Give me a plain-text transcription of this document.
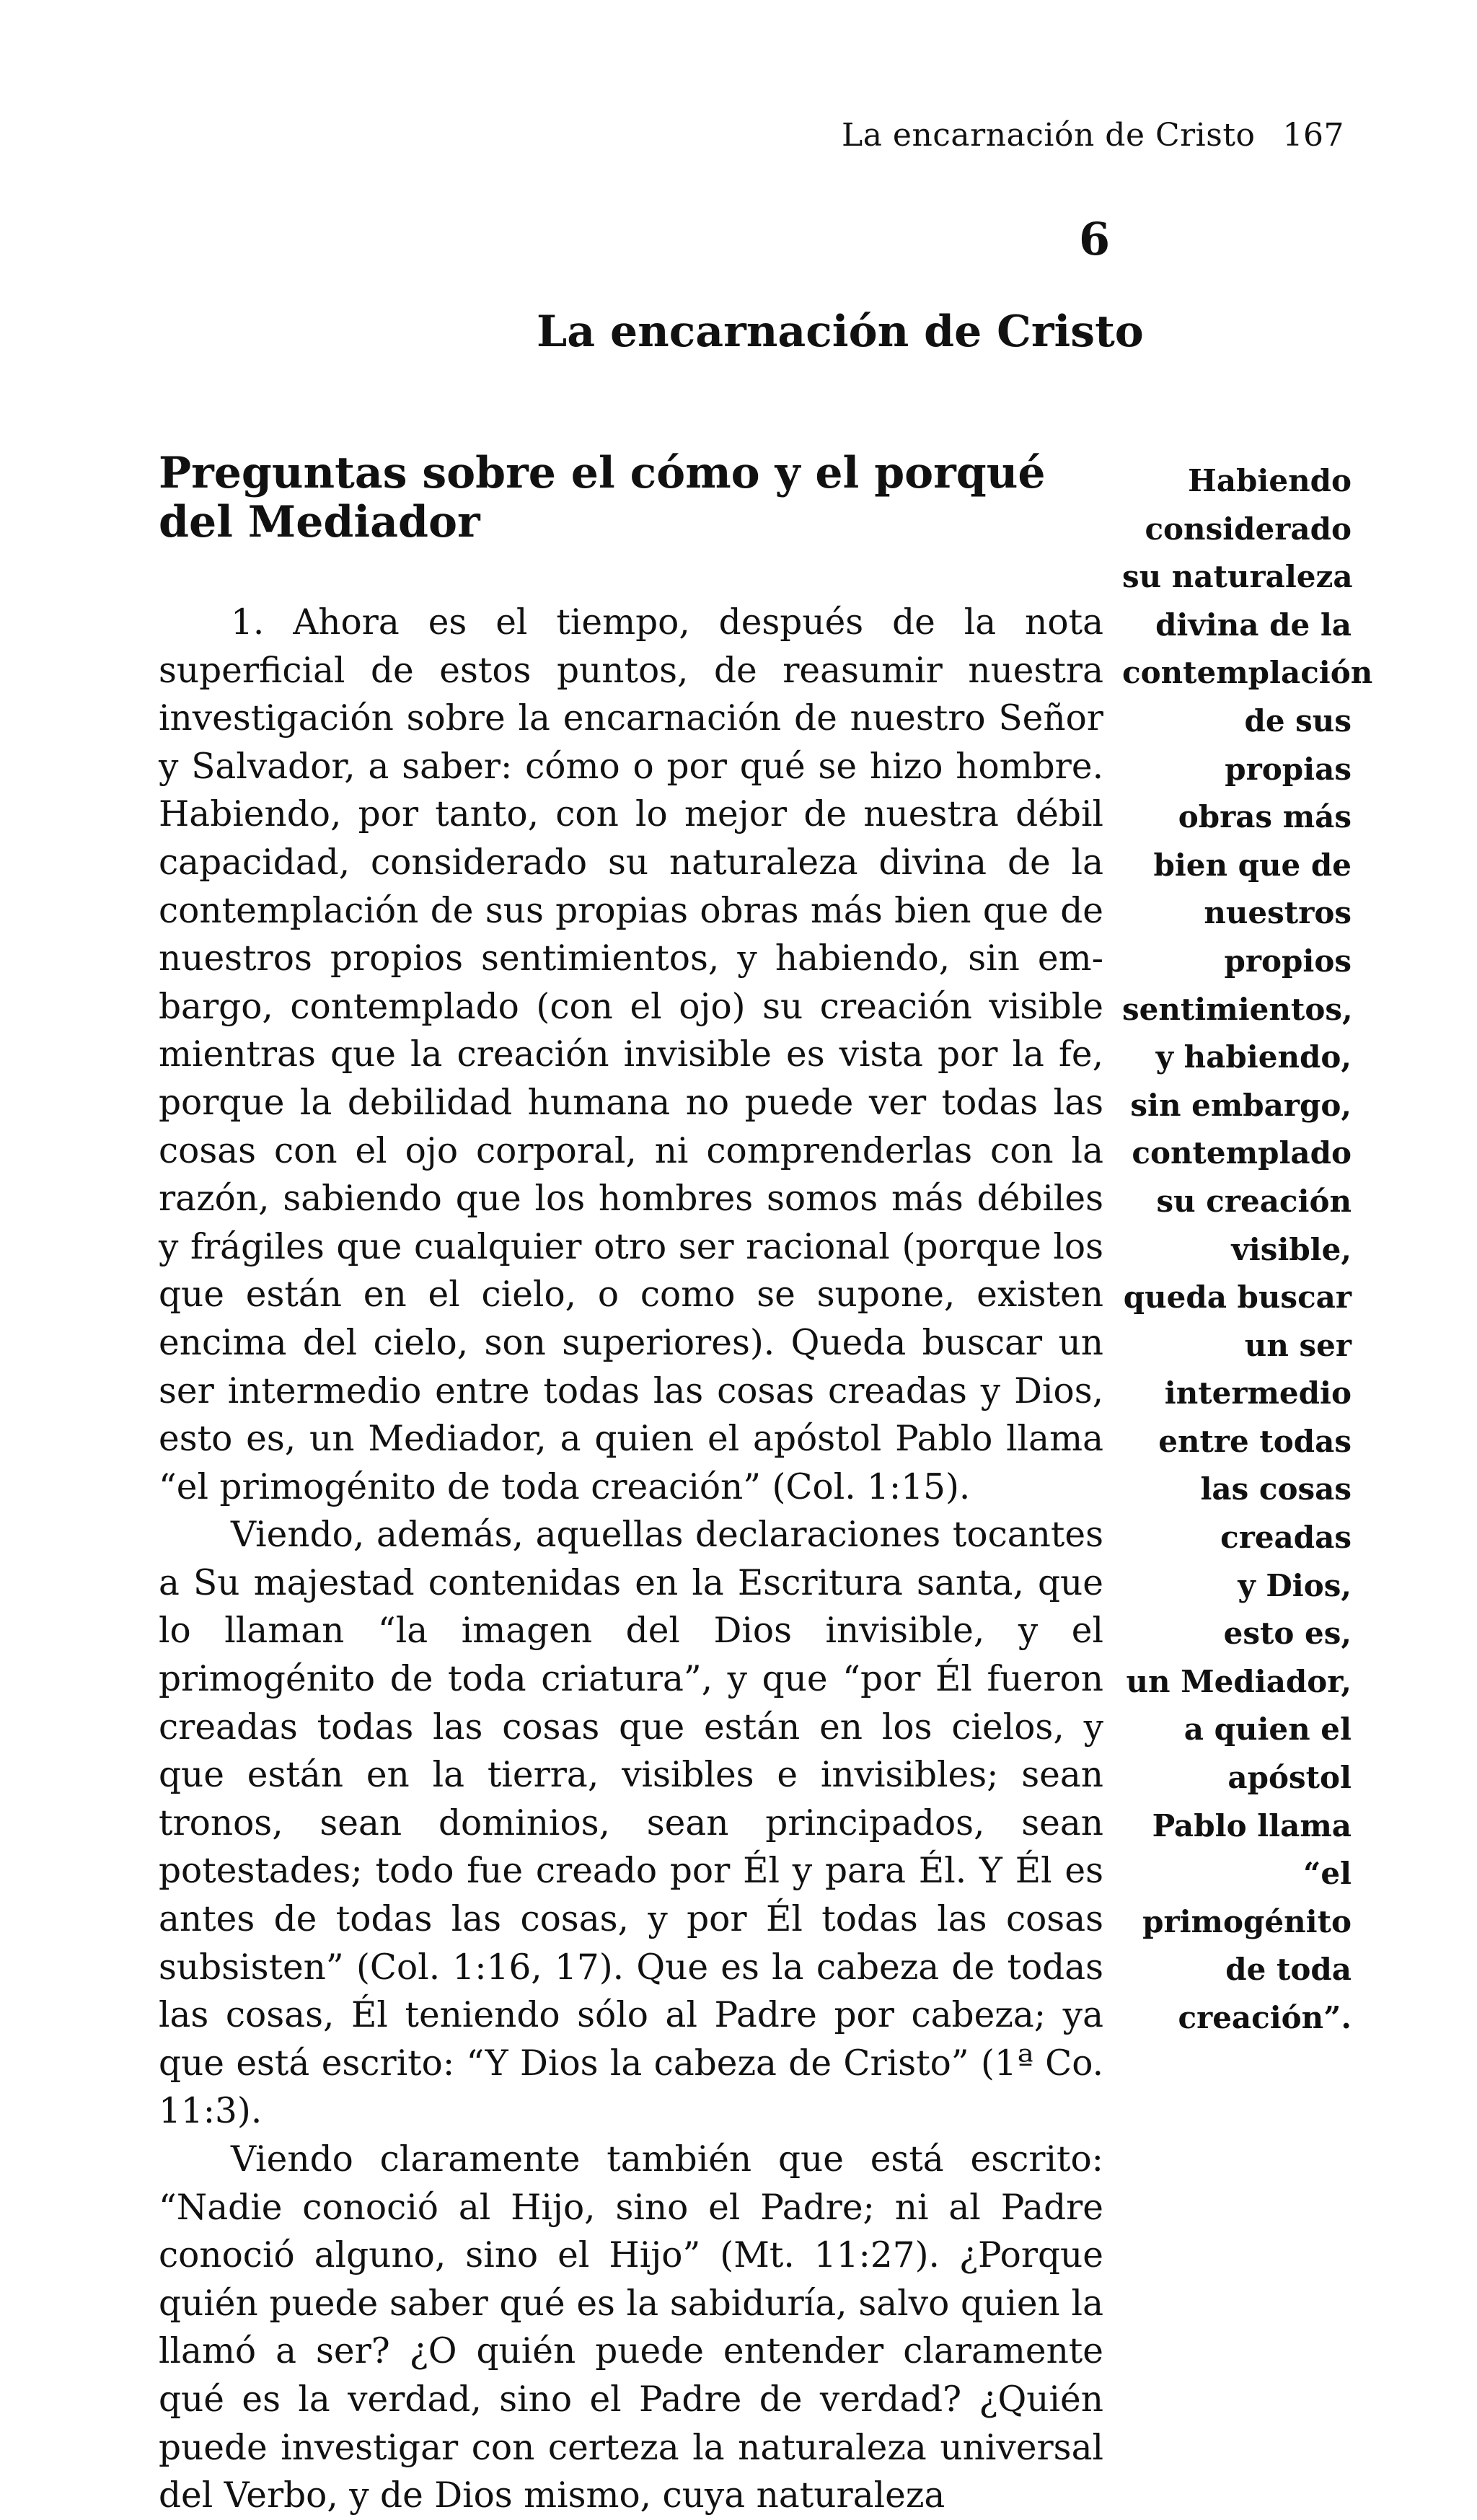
La encarnación de Cristo 167
6
La encarnación de Cristo
Preguntas sobre el cómo y el porqué del Mediador

1. Ahora es el tiempo, después de la nota superficial de estos puntos, de reasumir nuestra investigación sobre la encarnación de nuestro Señor y Salvador, a saber: cómo o por qué se hizo hombre. Habiendo, por tanto, con lo mejor de nuestra débil capacidad, considerado su naturaleza divina de la contemplación de sus propias obras más bien que de nuestros propios sentimientos, y habiendo, sin embargo, contemplado (con el ojo) su creación visible mientras que la creación invisible es vista por la fe, porque la debilidad humana no puede ver todas las cosas con el ojo corporal, ni comprenderlas con la razón, sabiendo que los hombres somos más débiles y frágiles que cualquier otro ser racional (porque los que están en el cielo, o como se supone, existen encima del cielo, son superiores). Queda buscar un ser intermedio entre todas las cosas creadas y Dios, esto es, un Mediador, a quien el apóstol Pablo llama “el primogénito de toda creación” (Col. 1:15).

Viendo, además, aquellas declaraciones tocantes a Su majestad contenidas en la Escritura santa, que lo llaman “la imagen del Dios invisible, y el primogénito de toda criatura”, y que “por Él fueron creadas todas las cosas que están en los cielos, y que están en la tierra, visibles e invisibles; sean tronos, sean dominios, sean principados, sean potestades; todo fue creado por Él y para Él. Y Él es antes de todas las cosas, y por Él todas las cosas subsisten” (Col. 1:16, 17). Que es la cabeza de todas las cosas, Él teniendo sólo al Padre por cabeza; ya que está escrito: “Y Dios la cabeza de Cristo” (1ª Co. 11:3).

Viendo claramente también que está escrito: “Nadie conoció al Hijo, sino el Padre; ni al Padre conoció alguno, sino el Hijo” (Mt. 11:27). ¿Porque quién puede saber qué es la sabiduría, salvo quien la llamó a ser? ¿O quién puede entender claramente qué es la verdad, sino el Padre de verdad? ¿Quién puede investigar con certeza la naturaleza universal del Verbo, y de Dios mismo, cuya naturaleza

Habiendo
considerado
su naturaleza
divina de la
contemplación
de sus
propias
obras más
bien que de
nuestros
propios
sentimientos,
y habiendo,
sin embargo,
contemplado
su creación
visible,
queda buscar
un ser
intermedio
entre todas
las cosas
creadas
y Dios,
esto es,
un Mediador,
a quien el
apóstol
Pablo llama
“el
primogénito
de toda
creación”.
